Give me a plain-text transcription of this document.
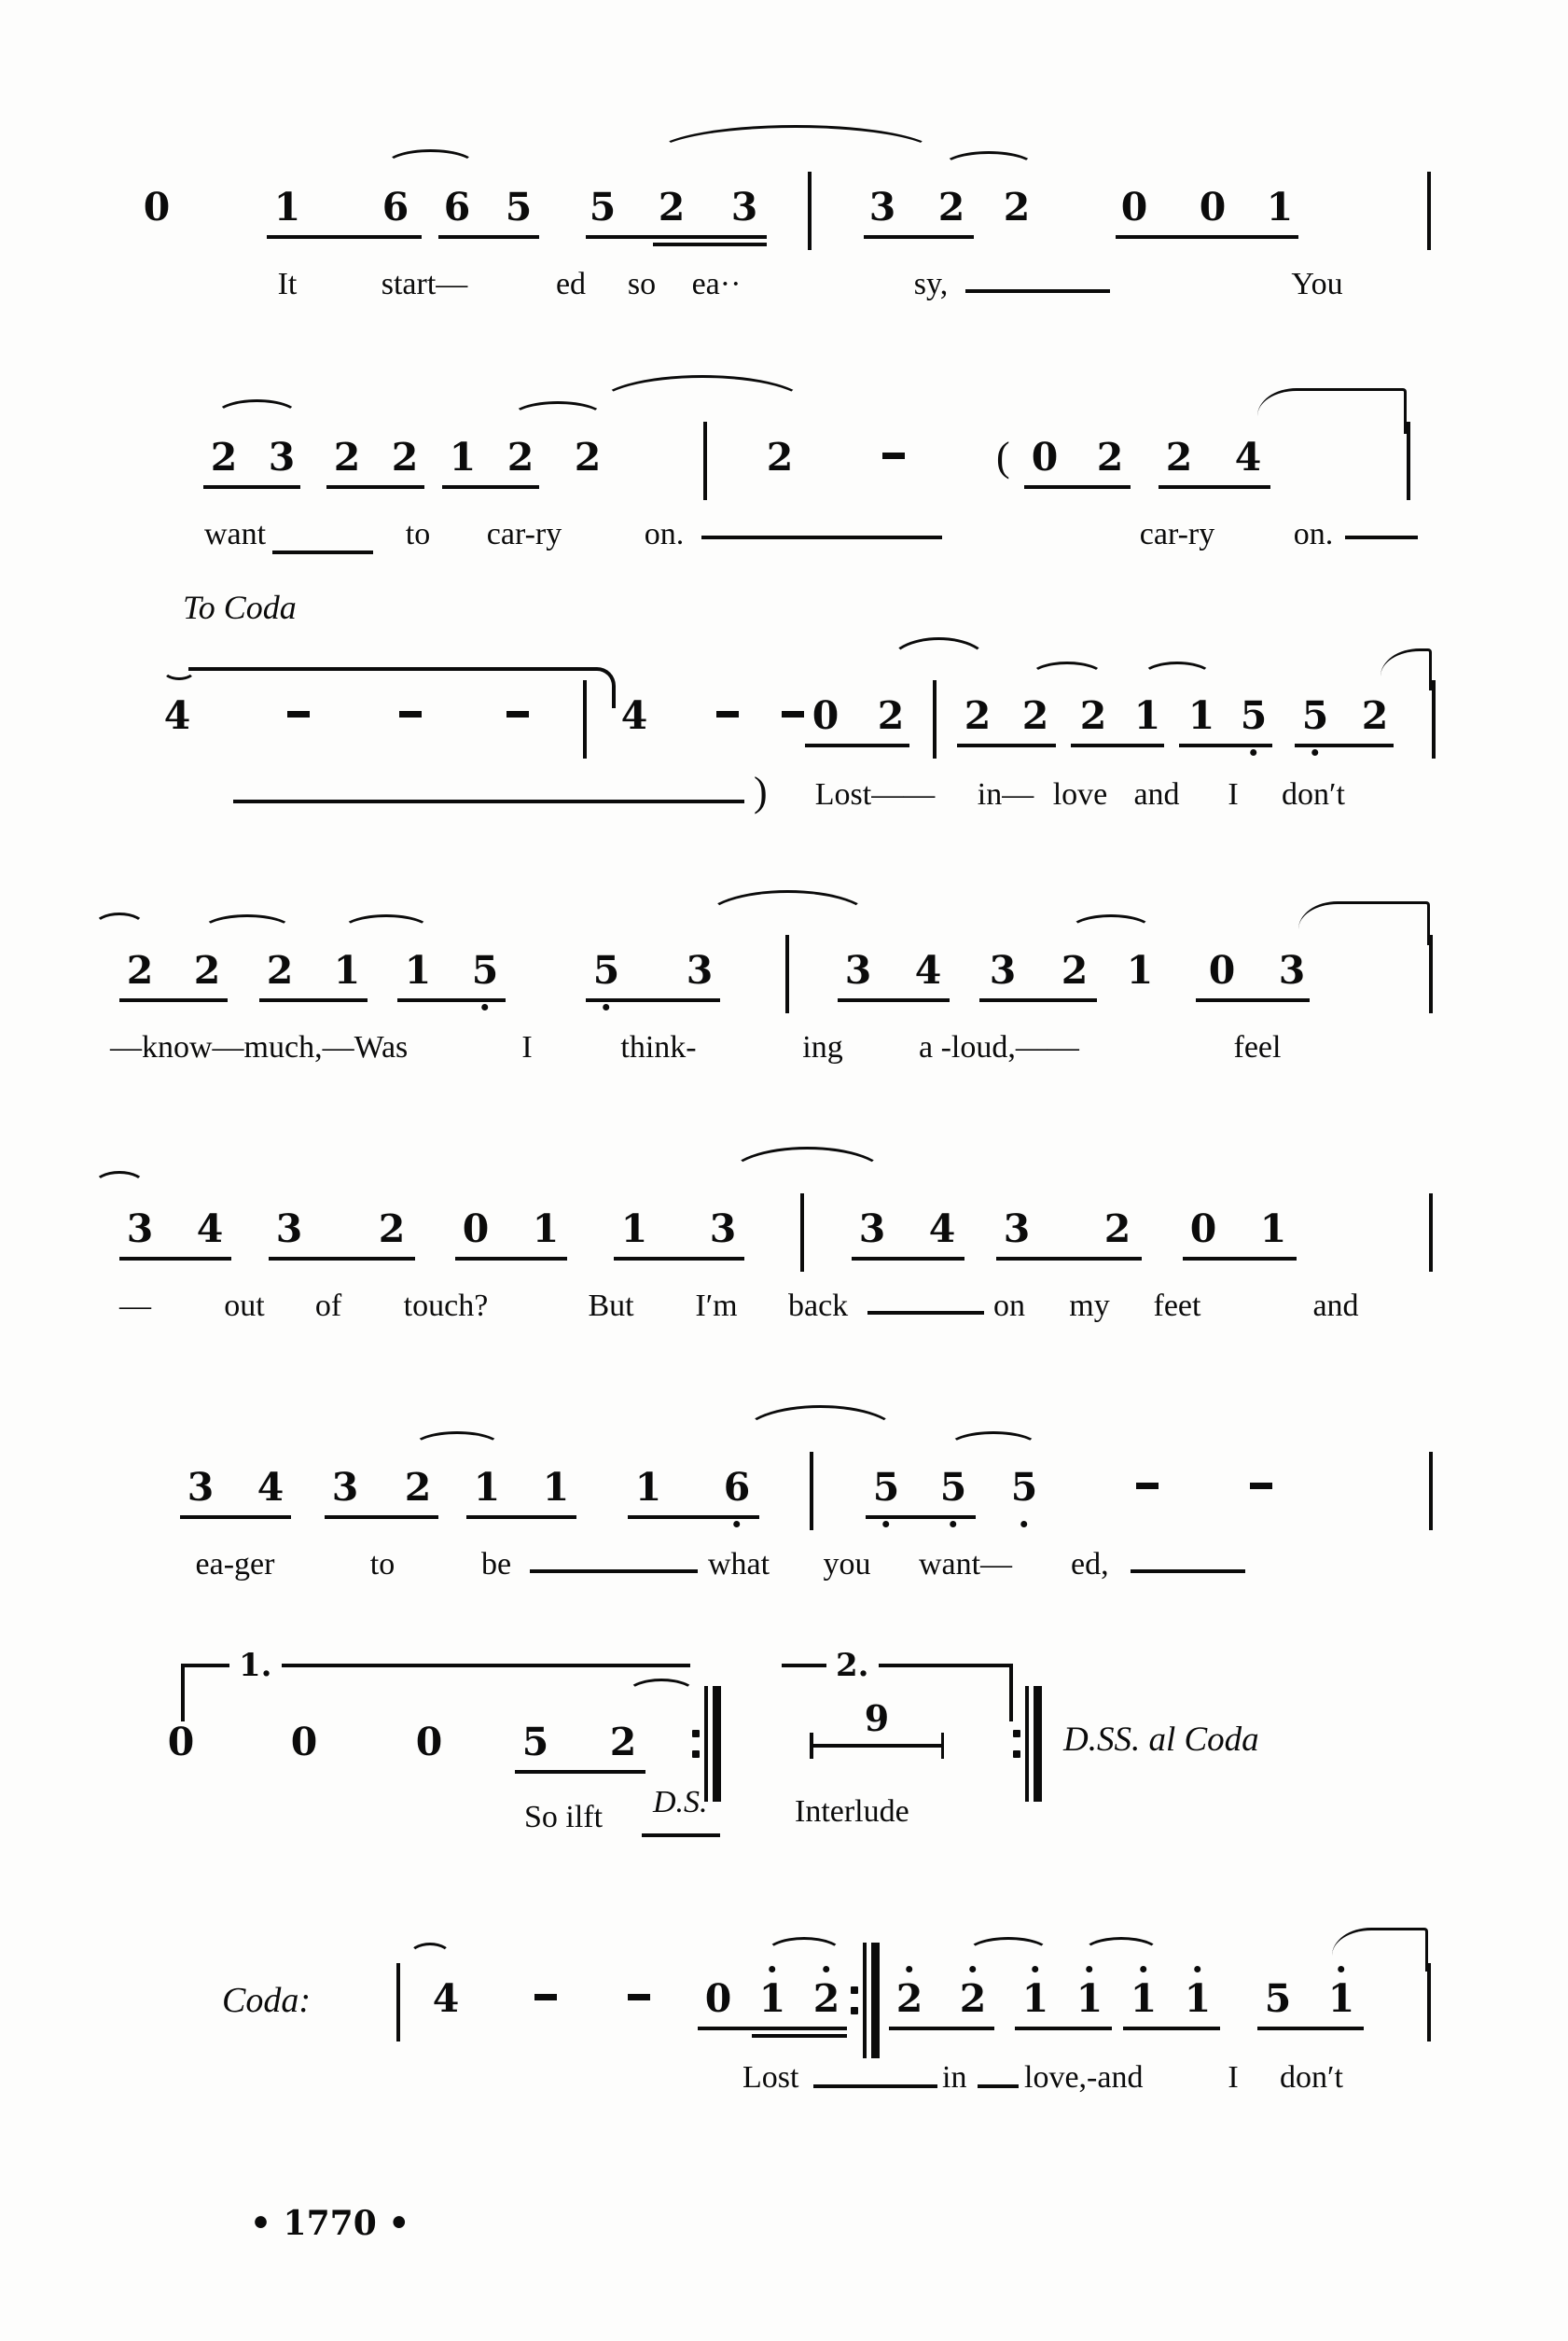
• 1770 •
0	1 6 6 5 5 2 3	3 2 2 0 0 1
It	start—	ed so ea··	sy,	You
2 3 2 2 1 2 2	2	0 2 2 4
(
To Coda
want	to car-ry	on.	car-ry on.
4	4	0 2 2 2 2 1 1 5 5 2
) Lost—— in— love and I don′t
2 2 2 1 1 5 5 3	3 4 3 2 1 0 3
—know—much,—Was	I	think-	ing a -loud,——	feel
3 4 3 2 0 1 1 3	3 4 3 2 0 1
— out of touch?	But I′m back	on my feet	and
3 4 3 2 1 1 1 6	5 5 5
ea-ger	to	be	what you want— ed,
0	0	0 5 2
1.	2.
9
D.SS. al Coda
So ilft D.S.	Interlude
4	0 1 2 2 2 1 1 1 1 5 1
Coda:
Lost	in love,-and	I don′t
